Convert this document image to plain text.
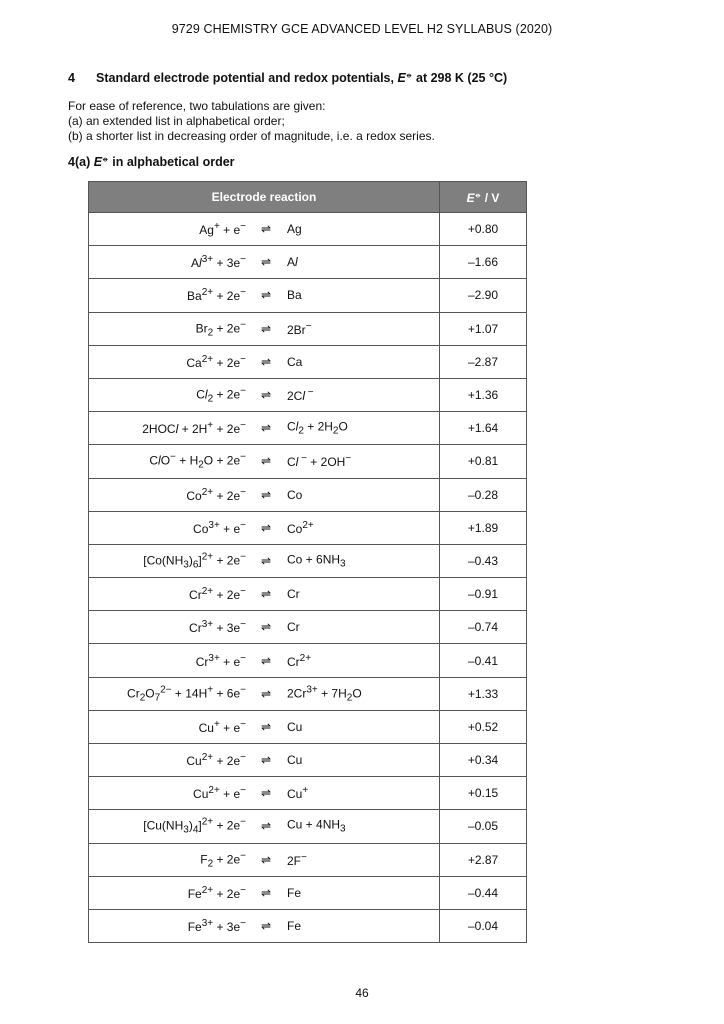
9729 CHEMISTRY GCE ADVANCED LEVEL H2 SYLLABUS (2020)
4 Standard electrode potential and redox potentials, E⦵ at 298 K (25 °C)
For ease of reference, two tabulations are given:
(a) an extended list in alphabetical order;
(b) a shorter list in decreasing order of magnitude, i.e. a redox series.
4(a) E⦵ in alphabetical order
Electrode reaction	E⦵ / V

Ag+ + e− ⇌ Ag	+0.80

$Al^{3+} + 3e^-$ ⇌ Al	–1.66

$Ba^{2+} + 2e^-$ ⇌ Ba	–2.90

$Br_2 + 2e^-$ ⇌ 2Br−	+1.07

$Ca^{2+} + 2e^-$ ⇌ Ca	–2.87

$Cl_2 + 2e^-$ ⇌ 2Cl −	+1.36

2HOCl + 2H+ + 2e− ⇌ $Cl_2 + 2H_2O$	+1.64

$ClO^- + H_2O + 2e^-$ ⇌ Cl − + 2OH−	+0.81

$Co^{2+} + 2e^-$ ⇌ Co	–0.28

$Co^{3+} + e^-$ ⇌ $Co^{2+}$	+1.89

$[Co(NH_3)_6]^{2+} + 2e^-$ ⇌ $Co + 6NH_3$	–0.43

$Cr^{2+} + 2e^-$ ⇌ Cr	–0.91

$Cr^{3+} + 3e^-$ ⇌ Cr	–0.74

$Cr^{3+} + e^-$ ⇌ $Cr^{2+}$	–0.41

$Cr_2O_7^{2-} + 14H^+ + 6e^-$ ⇌ $2Cr^{3+} + 7H_2O$	+1.33

Cu+ + e− ⇌ Cu	+0.52

$Cu^{2+} + 2e^-$ ⇌ Cu	+0.34

$Cu^{2+} + e^-$ ⇌ Cu+	+0.15

$[Cu(NH_3)_4]^{2+} + 2e^-$ ⇌ $Cu + 4NH_3$	–0.05

$F_2 + 2e^-$ ⇌ 2F−	+2.87

$Fe^{2+} + 2e^-$ ⇌ Fe	–0.44

$Fe^{3+} + 3e^-$ ⇌ Fe	–0.04
46
